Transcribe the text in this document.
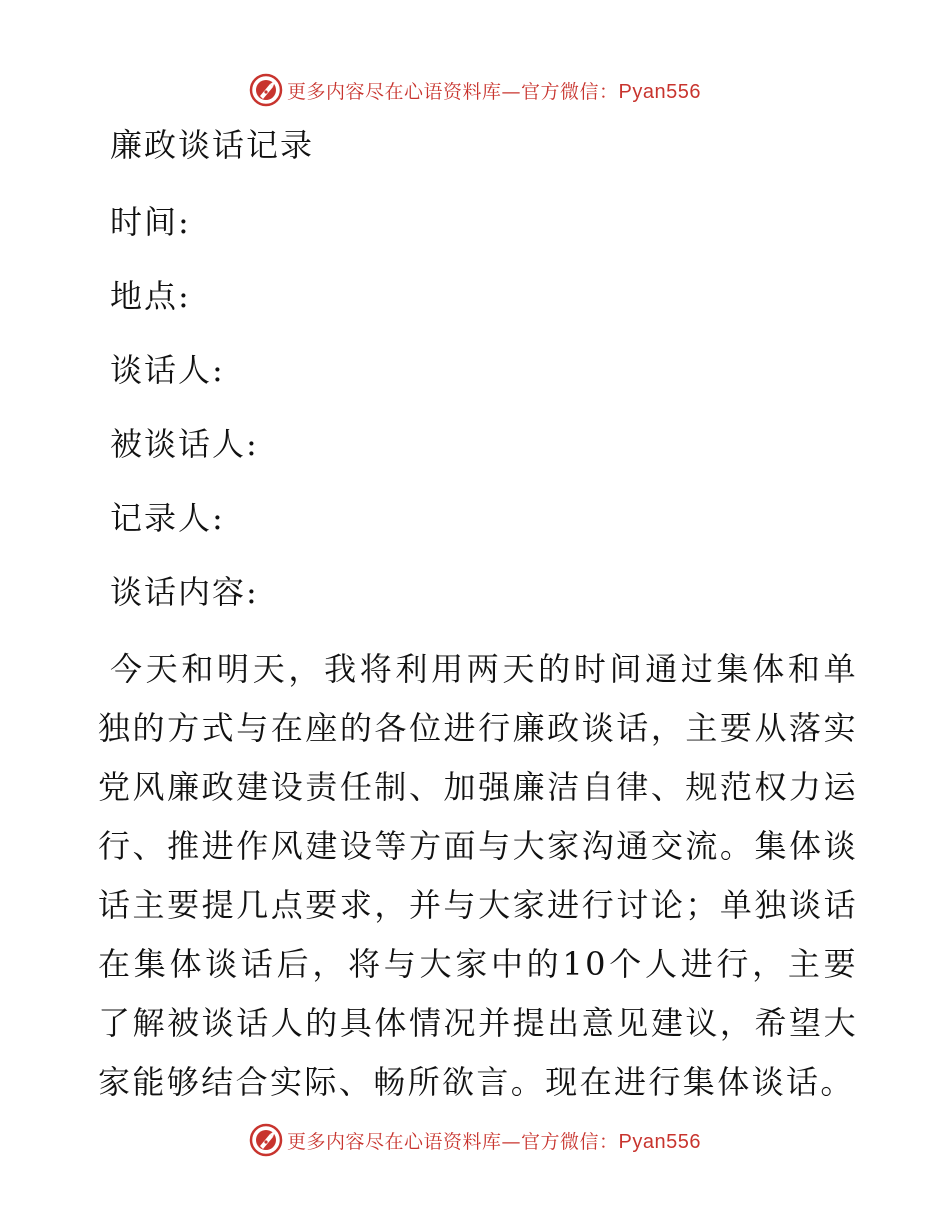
更多内容尽在心语资料库—官方微信：Pyan556
廉政谈话记录
时间:
地点:
谈话人:
被谈话人:
记录人:
谈话内容:

今天和明天，我将利用两天的时间通过集体和单独的方式与在座的各位进行廉政谈话，主要从落实党风廉政建设责任制、加强廉洁自律、规范权力运行、推进作风建设等方面与大家沟通交流。集体谈话主要提几点要求，并与大家进行讨论；单独谈话在集体谈话后，将与大家中的10个人进行，主要了解被谈话人的具体情况并提出意见建议，希望大家能够结合实际、畅所欲言。现在进行集体谈话。

更多内容尽在心语资料库—官方微信：Pyan556
